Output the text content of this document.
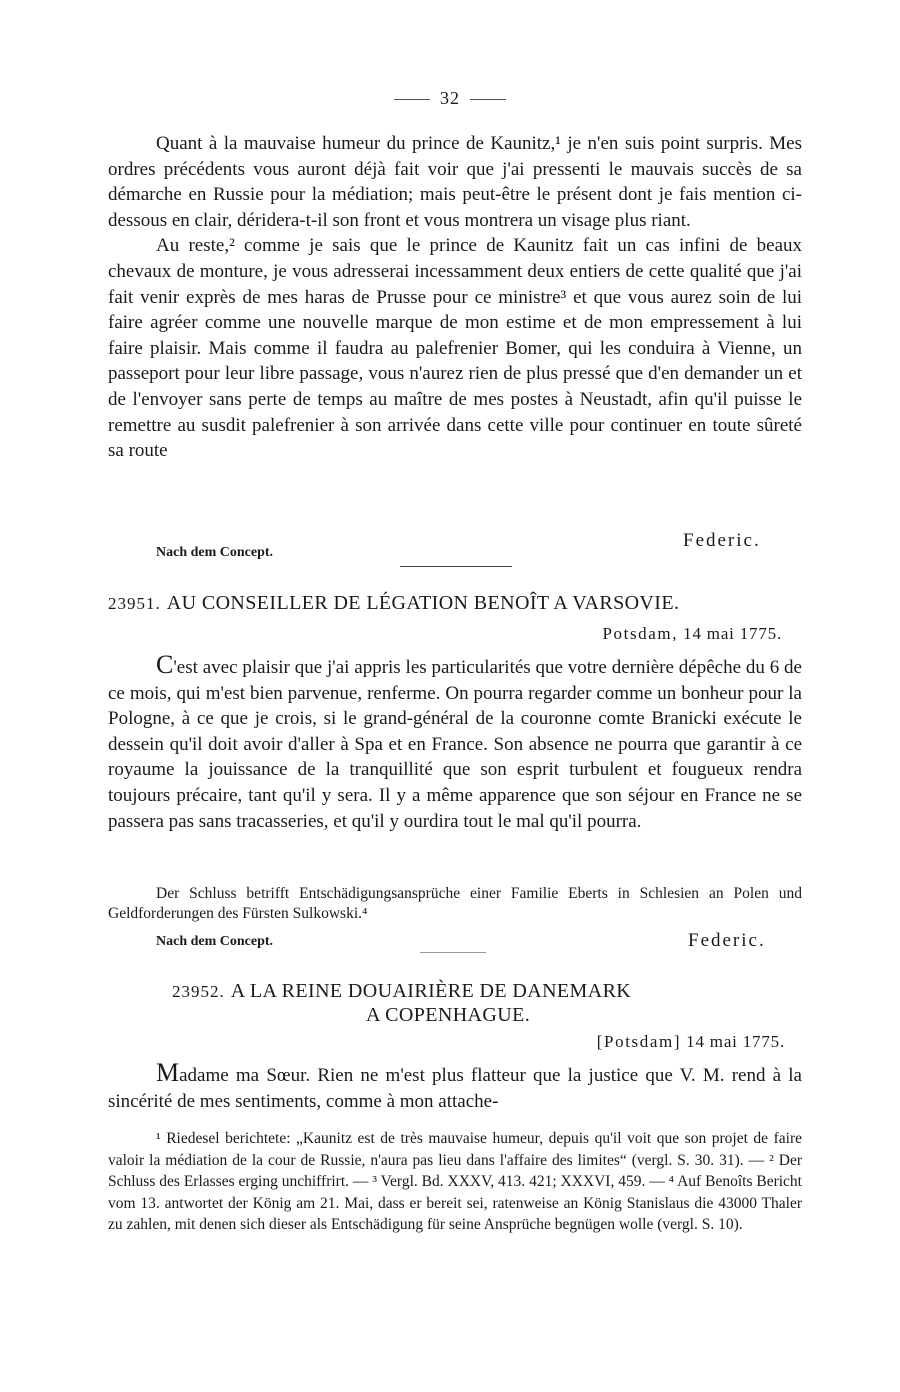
32

Quant à la mauvaise humeur du prince de Kaunitz,¹ je n'en suis point surpris. Mes ordres précédents vous auront déjà fait voir que j'ai pressenti le mauvais succès de sa démarche en Russie pour la médiation; mais peut-être le présent dont je fais mention ci-dessous en clair, déridera-t-il son front et vous montrera un visage plus riant.

Au reste,² comme je sais que le prince de Kaunitz fait un cas infini de beaux chevaux de monture, je vous adresserai incessamment deux entiers de cette qualité que j'ai fait venir exprès de mes haras de Prusse pour ce ministre³ et que vous aurez soin de lui faire agréer comme une nouvelle marque de mon estime et de mon empressement à lui faire plaisir. Mais comme il faudra au palefrenier Bomer, qui les conduira à Vienne, un passeport pour leur libre passage, vous n'aurez rien de plus pressé que d'en demander un et de l'envoyer sans perte de temps au maître de mes postes à Neustadt, afin qu'il puisse le remettre au susdit palefrenier à son arrivée dans cette ville pour continuer en toute sûreté sa route

Federic.
Nach dem Concept.
23951. AU CONSEILLER DE LÉGATION BENOÎT A VARSOVIE.
Potsdam, 14 mai 1775.

C'est avec plaisir que j'ai appris les particularités que votre dernière dépêche du 6 de ce mois, qui m'est bien parvenue, renferme. On pourra regarder comme un bonheur pour la Pologne, à ce que je crois, si le grand-général de la couronne comte Branicki exécute le dessein qu'il doit avoir d'aller à Spa et en France. Son absence ne pourra que garantir à ce royaume la jouissance de la tranquillité que son esprit turbulent et fougueux rendra toujours précaire, tant qu'il y sera. Il y a même apparence que son séjour en France ne se passera pas sans tracasseries, et qu'il y ourdira tout le mal qu'il pourra.

Der Schluss betrifft Entschädigungsansprüche einer Familie Eberts in Schlesien an Polen und Geldforderungen des Fürsten Sulkowski.⁴

Nach dem Concept.	Federic.
23952. A LA REINE DOUAIRIÈRE DE DANEMARK
A COPENHAGUE.
[Potsdam] 14 mai 1775.

Madame ma Sœur. Rien ne m'est plus flatteur que la justice que V. M. rend à la sincérité de mes sentiments, comme à mon attache-

¹ Riedesel berichtete: „Kaunitz est de très mauvaise humeur, depuis qu'il voit que son projet de faire valoir la médiation de la cour de Russie, n'aura pas lieu dans l'affaire des limites“ (vergl. S. 30. 31). — ² Der Schluss des Erlasses erging unchiffrirt. — ³ Vergl. Bd. XXXV, 413. 421; XXXVI, 459. — ⁴ Auf Benoîts Bericht vom 13. antwortet der König am 21. Mai, dass er bereit sei, ratenweise an König Stanislaus die 43000 Thaler zu zahlen, mit denen sich dieser als Entschädigung für seine Ansprüche begnügen wolle (vergl. S. 10).
